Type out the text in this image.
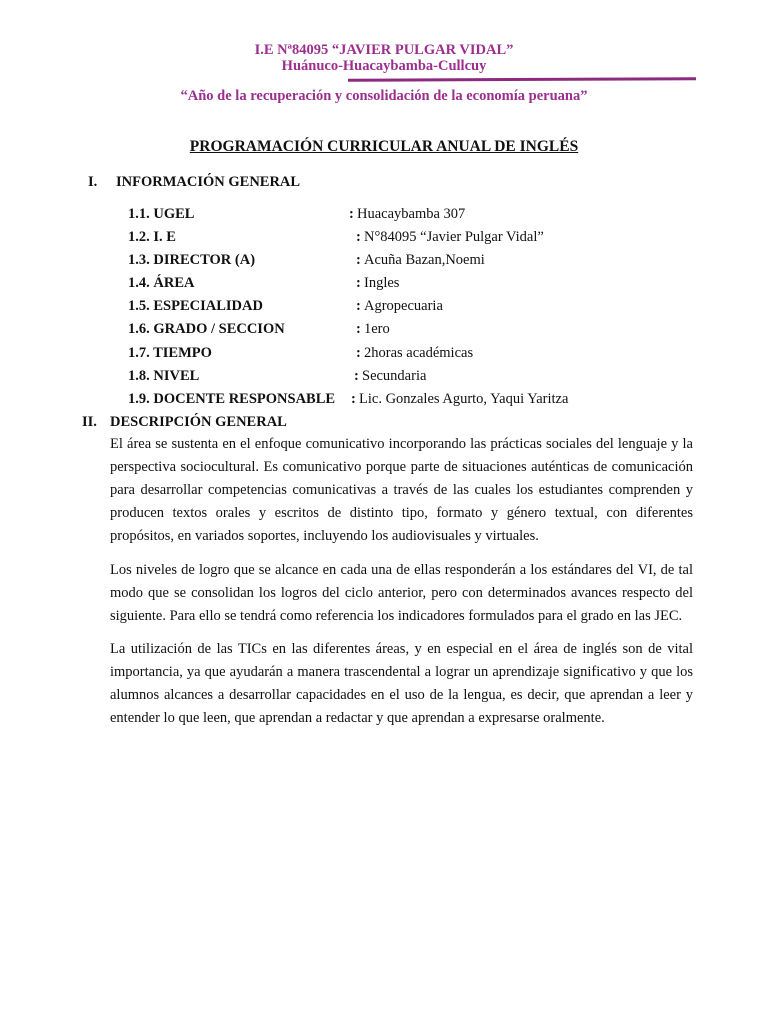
I.E Nª84095 “JAVIER PULGAR VIDAL”
Huánuco-Huacaybamba-Cullcuy
“Año de la recuperación y consolidación de la economía peruana”
PROGRAMACIÓN CURRICULAR ANUAL DE INGLÉS
I. INFORMACIÓN GENERAL
1.1. UGEL	: Huacaybamba 307
1.2. I. E	: N°84095 “Javier Pulgar Vidal”
1.3. DIRECTOR (A)	: Acuña Bazan,Noemi
1.4. ÁREA	: Ingles
1.5. ESPECIALIDAD	: Agropecuaria
1.6. GRADO / SECCION	: 1ero
1.7. TIEMPO	: 2horas académicas
1.8. NIVEL	: Secundaria
1.9. DOCENTE RESPONSABLE : Lic. Gonzales Agurto, Yaqui Yaritza
II. DESCRIPCIÓN GENERAL
El área se sustenta en el enfoque comunicativo incorporando las prácticas sociales del lenguaje y la perspectiva sociocultural. Es comunicativo porque parte de situaciones auténticas de comunicación para desarrollar competencias comunicativas a través de las cuales los estudiantes comprenden y producen textos orales y escritos de distinto tipo, formato y género textual, con diferentes propósitos, en variados soportes, incluyendo los audiovisuales y virtuales.
Los niveles de logro que se alcance en cada una de ellas responderán a los estándares del VI, de tal modo que se consolidan los logros del ciclo anterior, pero con determinados avances respecto del siguiente. Para ello se tendrá como referencia los indicadores formulados para el grado en las JEC.
La utilización de las TICs en las diferentes áreas, y en especial en el área de inglés son de vital importancia, ya que ayudarán a manera trascendental a lograr un aprendizaje significativo y que los alumnos alcances a desarrollar capacidades en el uso de la lengua, es decir, que aprendan a leer y entender lo que leen, que aprendan a redactar y que aprendan a expresarse oralmente.
